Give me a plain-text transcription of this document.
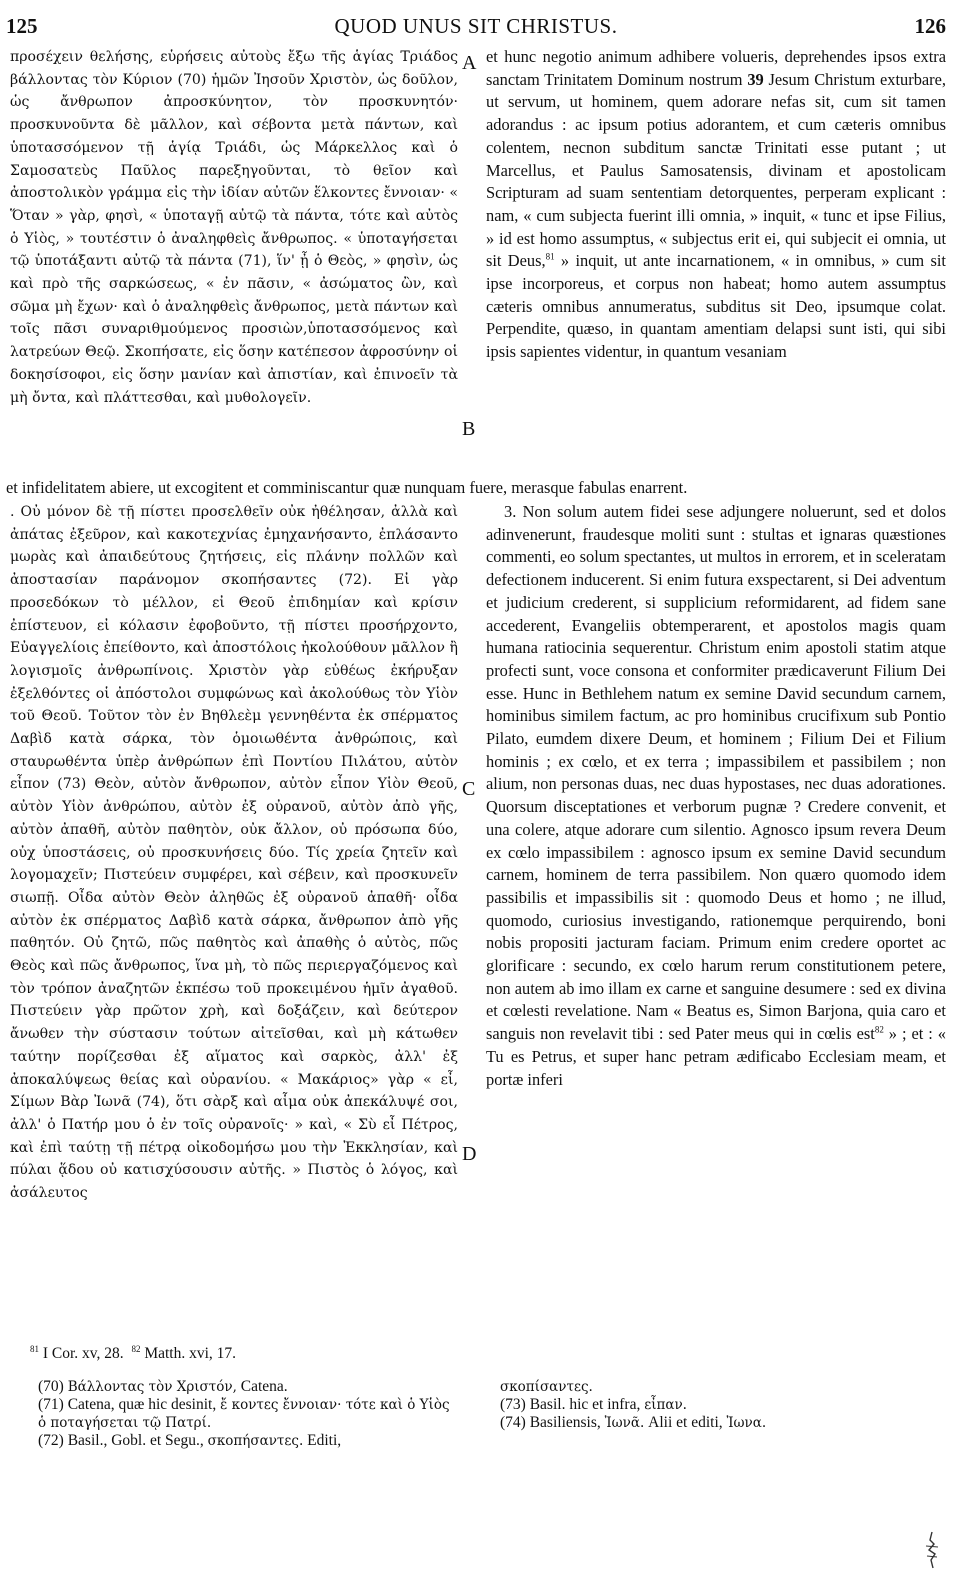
125	QUOD UNUS SIT CHRISTUS.	126
A
B
C
D

προσέχειν θελήσης, εὑρήσεις αὐτοὺς ἔξω τῆς ἁγίας Τριάδος βάλλοντας τὸν Κύριον (70) ἡμῶν Ἰησοῦν Χριστὸν, ὡς δοῦλον, ὡς ἄνθρωπον ἀπροσκύνητον, τὸν προσκυνητόν· προσκυνοῦντα δὲ μᾶλλον, καὶ σέβοντα μετὰ πάντων, καὶ ὑποτασσόμενον τῇ ἁγίᾳ Τριάδι, ὡς Μάρκελλος καὶ ὁ Σαμοσατεὺς Παῦλος παρεξηγοῦνται, τὸ θεῖον καὶ ἀποστολικὸν γράμμα εἰς τὴν ἰδίαν αὐτῶν ἕλκοντες ἔννοιαν· « Ὅταν » γὰρ, φησὶ, « ὑποταγῇ αὐτῷ τὰ πάντα, τότε καὶ αὐτὸς ὁ Υἱὸς, » τουτέστιν ὁ ἀναληφθεὶς ἄνθρωπος. « ὑποταγήσεται τῷ ὑποτάξαντι αὐτῷ τὰ πάντα (71), ἵν' ᾖ ὁ Θεὸς, » φησὶν, ὡς καὶ πρὸ τῆς σαρκώσεως, « ἐν πᾶσιν, « ἀσώματος ὢν, καὶ σῶμα μὴ ἔχων· καὶ ὁ ἀναληφθεὶς ἄνθρωπος, μετὰ πάντων καὶ τοῖς πᾶσι συναριθμούμενος προσιὼν,ὑποτασσόμενος καὶ λατρεύων Θεῷ. Σκοπήσατε, εἰς ὅσην κατέπεσον ἀφροσύνην οἱ δοκησίσοφοι, εἰς ὅσην μανίαν καὶ ἀπιστίαν, καὶ ἐπινοεῖν τὰ μὴ ὄντα, καὶ πλάττεσθαι, καὶ μυθολογεῖν.

et hunc negotio animum adhibere volueris, deprehendes ipsos extra sanctam Trinitatem Dominum nostrum 39 Jesum Christum exturbare, ut servum, ut hominem, quem adorare nefas sit, cum sit tamen adorandus : ac ipsum potius adorantem, et cum cæteris omnibus colentem, necnon subditum sanctæ Trinitati esse putant ; ut Marcellus, et Paulus Samosatensis, divinam et apostolicam Scripturam ad suam sententiam detorquentes, perperam explicant : nam, « cum subjecta fuerint illi omnia, » inquit, « tunc et ipse Filius, » id est homo assumptus, « subjectus erit ei, qui subjecit ei omnia, ut sit Deus,$^{81}$ » inquit, ut ante incarnationem, « in omnibus, » cum sit ipse incorporeus, et corpus non habeat; homo autem assumptus cæteris omnibus annumeratus, subditus sit Deo, ipsumque colat. Perpendite, quæso, in quantam amentiam delapsi sunt isti, qui sibi ipsis sapientes videntur, in quantum vesaniam

et infidelitatem abiere, ut excogitent et comminiscantur quæ nunquam fuere, merasque fabulas enarrent.

. Οὐ μόνον δὲ τῇ πίστει προσελθεῖν οὐκ ἠθέλησαν, ἀλλὰ καὶ ἀπάτας ἐξεῦρον, καὶ κακοτεχνίας ἐμηχανήσαντο, ἐπλάσαντο μωρὰς καὶ ἀπαιδεύτους ζητήσεις, εἰς πλάνην πολλῶν καὶ ἀποστασίαν παράνομον σκοπήσαντες (72). Εἰ γὰρ προσεδόκων τὸ μέλλον, εἰ Θεοῦ ἐπιδημίαν καὶ κρίσιν ἐπίστευον, εἰ κόλασιν ἐφοβοῦντο, τῇ πίστει προσήρχοντο, Εὐαγγελίοις ἐπείθοντο, καὶ ἀποστόλοις ἠκολούθουν μᾶλλον ἢ λογισμοῖς ἀνθρωπίνοις. Χριστὸν γὰρ εὐθέως ἐκήρυξαν ἐξελθόντες οἱ ἀπόστολοι συμφώνως καὶ ἀκολούθως τὸν Υἱὸν τοῦ Θεοῦ. Τοῦτον τὸν ἐν Βηθλεὲμ γεννηθέντα ἐκ σπέρματος Δαβὶδ κατὰ σάρκα, τὸν ὁμοιωθέντα ἀνθρώποις, καὶ σταυρωθέντα ὑπὲρ ἀνθρώπων ἐπὶ Ποντίου Πιλάτου, αὐτὸν εἶπον (73) Θεὸν, αὐτὸν ἄνθρωπον, αὐτὸν εἶπον Υἱὸν Θεοῦ, αὐτὸν Υἱὸν ἀνθρώπου, αὐτὸν ἐξ οὐρανοῦ, αὐτὸν ἀπὸ γῆς, αὐτὸν ἀπαθῆ, αὐτὸν παθητὸν, οὐκ ἄλλον, οὐ πρόσωπα δύο, οὐχ ὑποστάσεις, οὐ προσκυνήσεις δύο. Τίς χρεία ζητεῖν καὶ λογομαχεῖν; Πιστεύειν συμφέρει, καὶ σέβειν, καὶ προσκυνεῖν σιωπῇ. Οἶδα αὐτὸν Θεὸν ἀληθῶς ἐξ οὐρανοῦ ἀπαθῆ· οἶδα αὐτὸν ἐκ σπέρματος Δαβὶδ κατὰ σάρκα, ἄνθρωπον ἀπὸ γῆς παθητόν. Οὐ ζητῶ, πῶς παθητὸς καὶ ἀπαθὴς ὁ αὐτὸς, πῶς Θεὸς καὶ πῶς ἄνθρωπος, ἵνα μὴ, τὸ πῶς περιεργαζόμενος καὶ τὸν τρόπον ἀναζητῶν ἐκπέσω τοῦ προκειμένου ἡμῖν ἀγαθοῦ. Πιστεύειν γὰρ πρῶτον χρὴ, καὶ δοξάζειν, καὶ δεύτερον ἄνωθεν τὴν σύστασιν τούτων αἰτεῖσθαι, καὶ μὴ κάτωθεν ταύτην πορίζεσθαι ἐξ αἵματος καὶ σαρκὸς, ἀλλ' ἐξ ἀποκαλύψεως θείας καὶ οὐρανίου. « Μακάριος» γὰρ « εἶ, Σίμων Βὰρ Ἰωνᾶ (74), ὅτι σὰρξ καὶ αἷμα οὐκ ἀπεκάλυψέ σοι, ἀλλ' ὁ Πατήρ μου ὁ ἐν τοῖς οὐρανοῖς· » καὶ, « Σὺ εἶ Πέτρος, καὶ ἐπὶ ταύτῃ τῇ πέτρᾳ οἰκοδομήσω μου τὴν Ἐκκλησίαν, καὶ πύλαι ᾅδου οὐ κατισχύσουσιν αὐτῆς. » Πιστὸς ὁ λόγος, καὶ ἀσάλευτος

3. Non solum autem fidei sese adjungere noluerunt, sed et dolos adinvenerunt, fraudesque moliti sunt : stultas et ignaras quæstiones commenti, eo solum spectantes, ut multos in errorem, et in sceleratam defectionem inducerent. Si enim futura exspectarent, si Dei adventum et judicium crederent, si supplicium reformidarent, ad fidem sane accederent, Evangeliis obtemperarent, et apostolos magis quam humana ratiocinia sequerentur. Christum enim apostoli statim atque profecti sunt, voce consona et conformiter prædicaverunt Filium Dei esse. Hunc in Bethlehem natum ex semine David secundum carnem, hominibus similem factum, ac pro hominibus crucifixum sub Pontio Pilato, eumdem dixere Deum, et hominem ; Filium Dei et Filium hominis ; ex cœlo, et ex terra ; impassibilem et passibilem ; non alium, non personas duas, nec duas hypostases, nec duas adorationes. Quorsum disceptationes et verborum pugnæ ? Credere convenit, et una colere, atque adorare cum silentio. Agnosco ipsum revera Deum ex cœlo impassibilem : agnosco ipsum ex semine David secundum carnem, hominem de terra passibilem. Non quæro quomodo idem passibilis et impassibilis sit : quomodo Deus et homo ; ne illud, quomodo, curiosius investigando, rationemque perquirendo, boni nobis propositi jacturam faciam. Primum enim credere oportet ac glorificare : secundo, ex cœlo harum rerum constitutionem petere, non autem ab imo illam ex carne et sanguine desumere : sed ex divina et cœlesti revelatione. Nam « Beatus es, Simon Barjona, quia caro et sanguis non revelavit tibi : sed Pater meus qui in cœlis est$^{82}$ » ; et : « Tu es Petrus, et super hanc petram ædificabo Ecclesiam meam, et portæ inferi

$^{81}$ I Cor. xv, 28. $^{82}$ Matth. xvi, 17.
(70) Βάλλοντας τὸν Χριστόν, Catena.
(71) Catena, quæ hic desinit, ἔ κοντες ἔννοιαν· τότε καὶ ὁ Υἱὸς ὁ ποταγήσεται τῷ Πατρί.
(72) Basil., Gobl. et Segu., σκοπήσαντες. Editi,
σκοπίσαντες.
(73) Basil. hic et infra, εἶπαν.
(74) Basiliensis, Ἰωνᾶ. Alii et editi, Ἰωνα.
